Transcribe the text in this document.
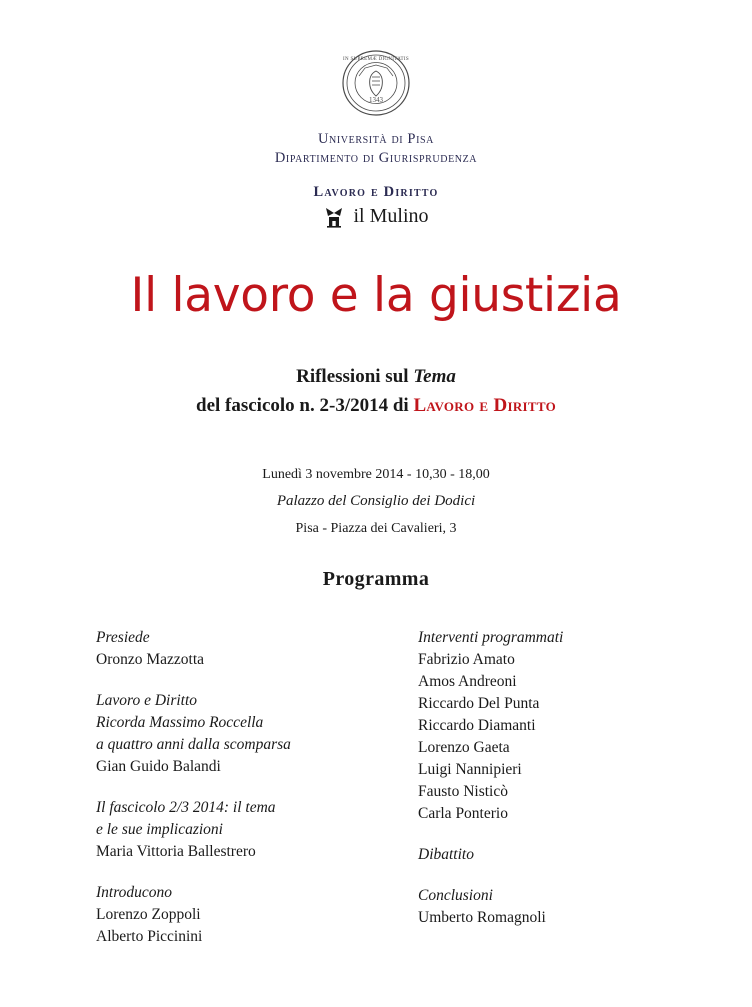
1343
IN SUPREMÆ DIGNITATIS
Università di Pisa
Dipartimento di Giurisprudenza
Lavoro e Diritto
il Mulino
Il lavoro e la giustizia
Riflessioni sul Tema
del fascicolo n. 2-3/2014 di Lavoro e Diritto
Lunedì 3 novembre 2014 - 10,30 - 18,00
Palazzo del Consiglio dei Dodici
Pisa - Piazza dei Cavalieri, 3
Programma
Presiede
Oronzo Mazzotta
Lavoro e Diritto
Ricorda Massimo Roccella
a quattro anni dalla scomparsa
Gian Guido Balandi
Il fascicolo 2/3 2014: il tema
e le sue implicazioni
Maria Vittoria Ballestrero
Introducono
Lorenzo Zoppoli
Alberto Piccinini
Interventi programmati
Fabrizio Amato
Amos Andreoni
Riccardo Del Punta
Riccardo Diamanti
Lorenzo Gaeta
Luigi Nannipieri
Fausto Nisticò
Carla Ponterio
Dibattito
Conclusioni
Umberto Romagnoli
